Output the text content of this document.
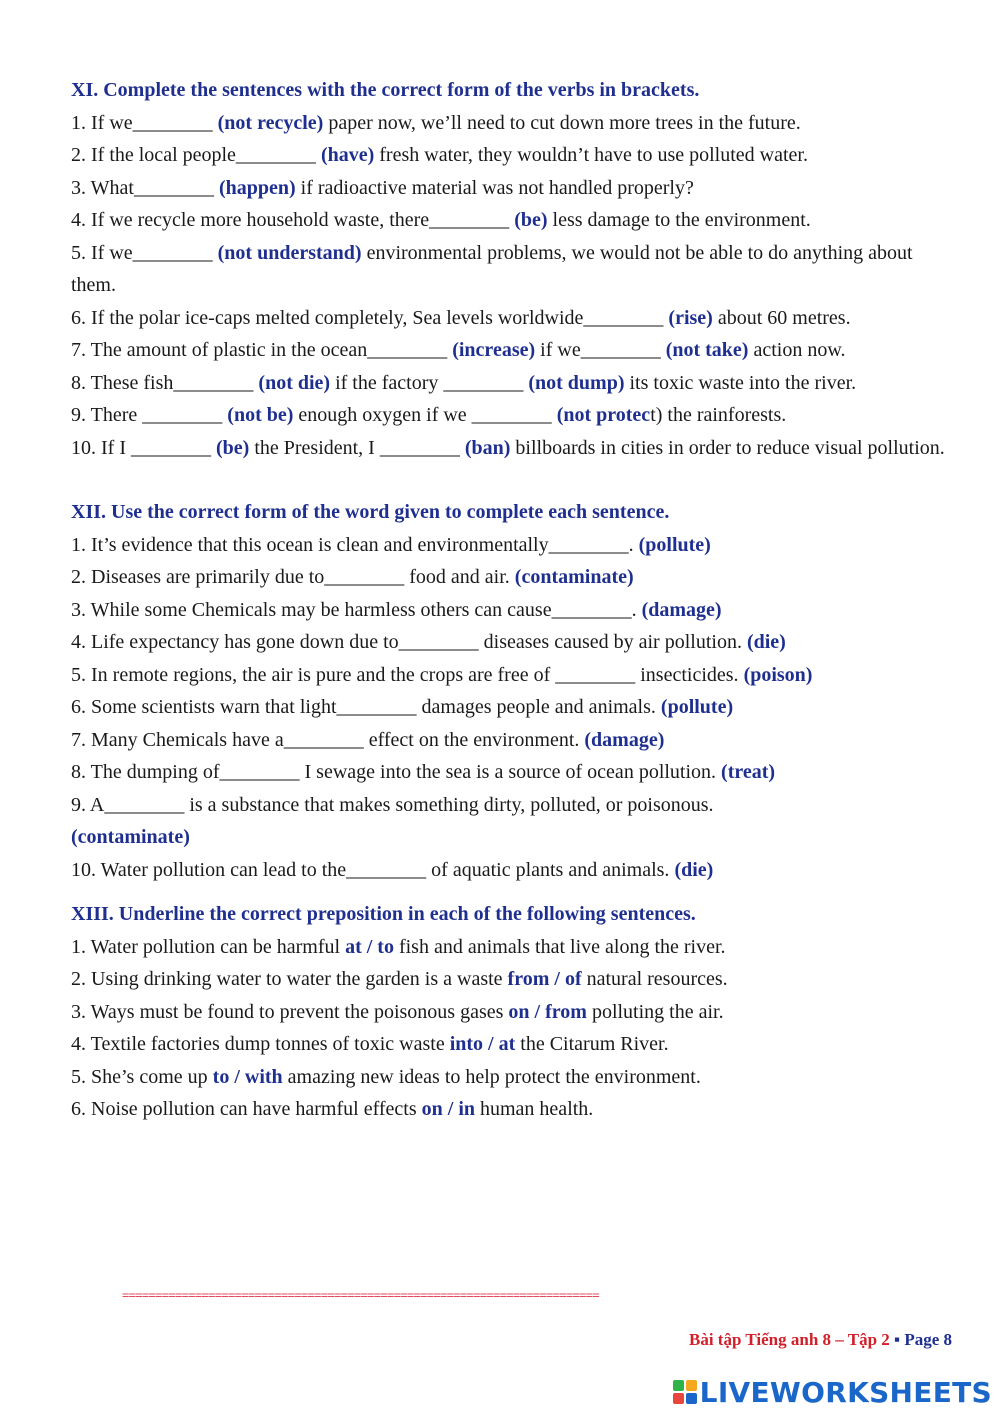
XI. Complete the sentences with the correct form of the verbs in brackets.
1. If we________ (not recycle) paper now, we’ll need to cut down more trees in the future.
2. If the local people________ (have) fresh water, they wouldn’t have to use polluted water.
3. What________ (happen) if radioactive material was not handled properly?
4. If we recycle more household waste, there________ (be) less damage to the environment.
5. If we________ (not understand) environmental problems, we would not be able to do anything about them.
6. If the polar ice-caps melted completely, Sea levels worldwide________ (rise) about 60 metres.
7. The amount of plastic in the ocean________ (increase) if we________ (not take) action now.
8. These fish________ (not die) if the factory ________ (not dump) its toxic waste into the river.
9. There ________ (not be) enough oxygen if we ________ (not protect) the rainforests.
10. If I ________ (be) the President, I ________ (ban) billboards in cities in order to reduce visual pollution.
XII. Use the correct form of the word given to complete each sentence.
1. It’s evidence that this ocean is clean and environmentally________. (pollute)
2. Diseases are primarily due to________ food and air. (contaminate)
3. While some Chemicals may be harmless others can cause________. (damage)
4. Life expectancy has gone down due to________ diseases caused by air pollution. (die)
5. In remote regions, the air is pure and the crops are free of ________ insecticides. (poison)
6. Some scientists warn that light________ damages people and animals. (pollute)
7. Many Chemicals have a________ effect on the environment. (damage)
8. The dumping of________ I sewage into the sea is a source of ocean pollution. (treat)
9. A________ is a substance that makes something dirty, polluted, or poisonous.
(contaminate)
10. Water pollution can lead to the________ of aquatic plants and animals. (die)
XIII. Underline the correct preposition in each of the following sentences.
1. Water pollution can be harmful at / to fish and animals that live along the river.
2. Using drinking water to water the garden is a waste from / of natural resources.
3. Ways must be found to prevent the poisonous gases on / from polluting the air.
4. Textile factories dump tonnes of toxic waste into / at the Citarum River.
5. She’s come up to / with amazing new ideas to help protect the environment.
6. Noise pollution can have harmful effects on / in human health.
========================================================================
Bài tập Tiếng anh 8 – Tập 2 ▪ Page 8
LIVEWORKSHEETS
